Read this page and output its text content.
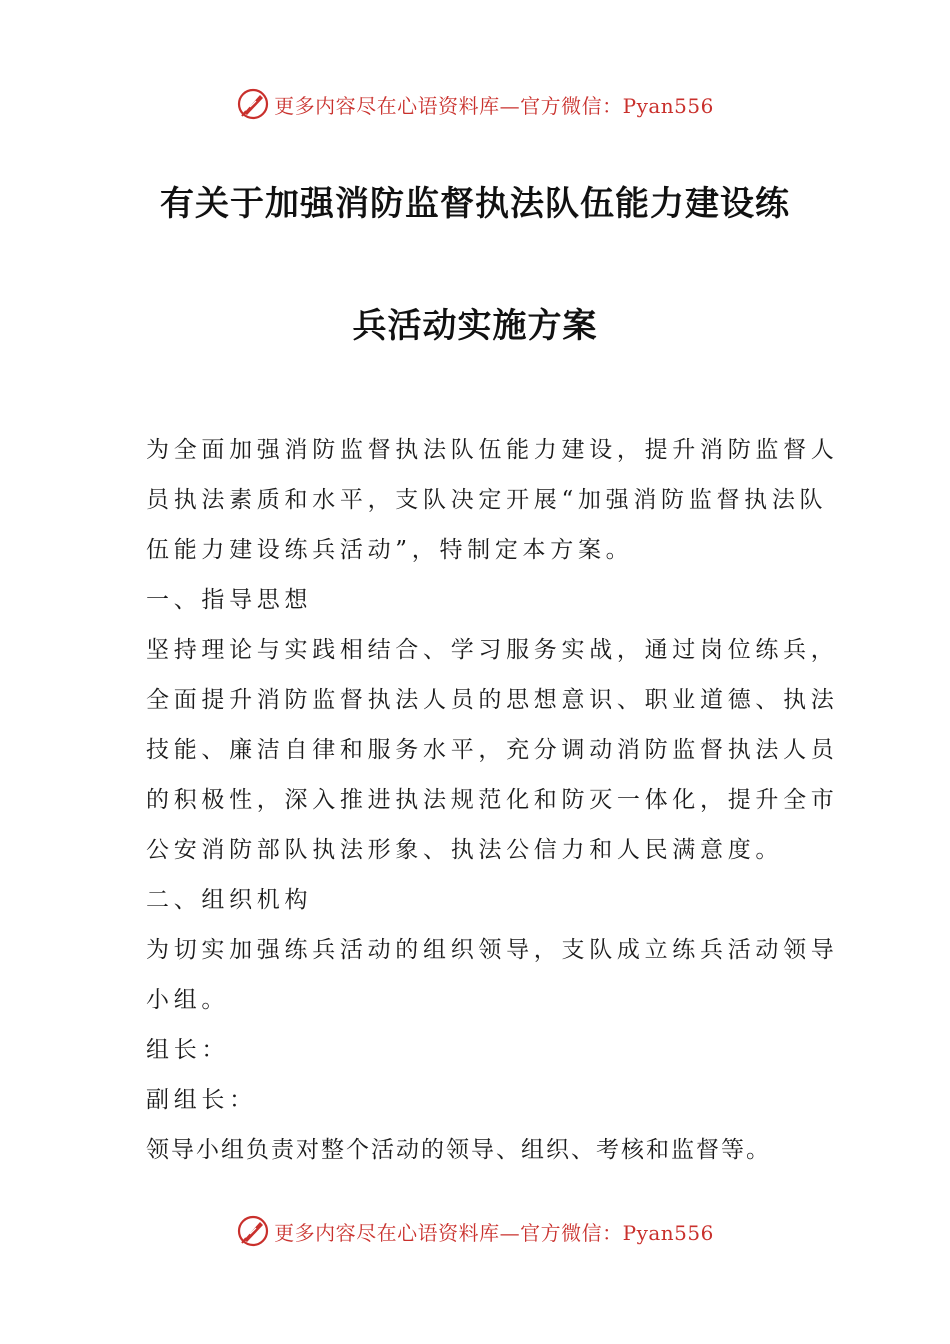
更多内容尽在心语资料库—官方微信：Pyan556
有关于加强消防监督执法队伍能力建设练
兵活动实施方案

为全面加强消防监督执法队伍能力建设，提升消防监督人

员执法素质和水平，支队决定开展“加强消防监督执法队

伍能力建设练兵活动”，特制定本方案。

一、指导思想

坚持理论与实践相结合、学习服务实战，通过岗位练兵，

全面提升消防监督执法人员的思想意识、职业道德、执法

技能、廉洁自律和服务水平，充分调动消防监督执法人员

的积极性，深入推进执法规范化和防灭一体化，提升全市

公安消防部队执法形象、执法公信力和人民满意度。

二、组织机构

为切实加强练兵活动的组织领导，支队成立练兵活动领导

小组。

组长：

副组长：

领导小组负责对整个活动的领导、组织、考核和监督等。

更多内容尽在心语资料库—官方微信：Pyan556
